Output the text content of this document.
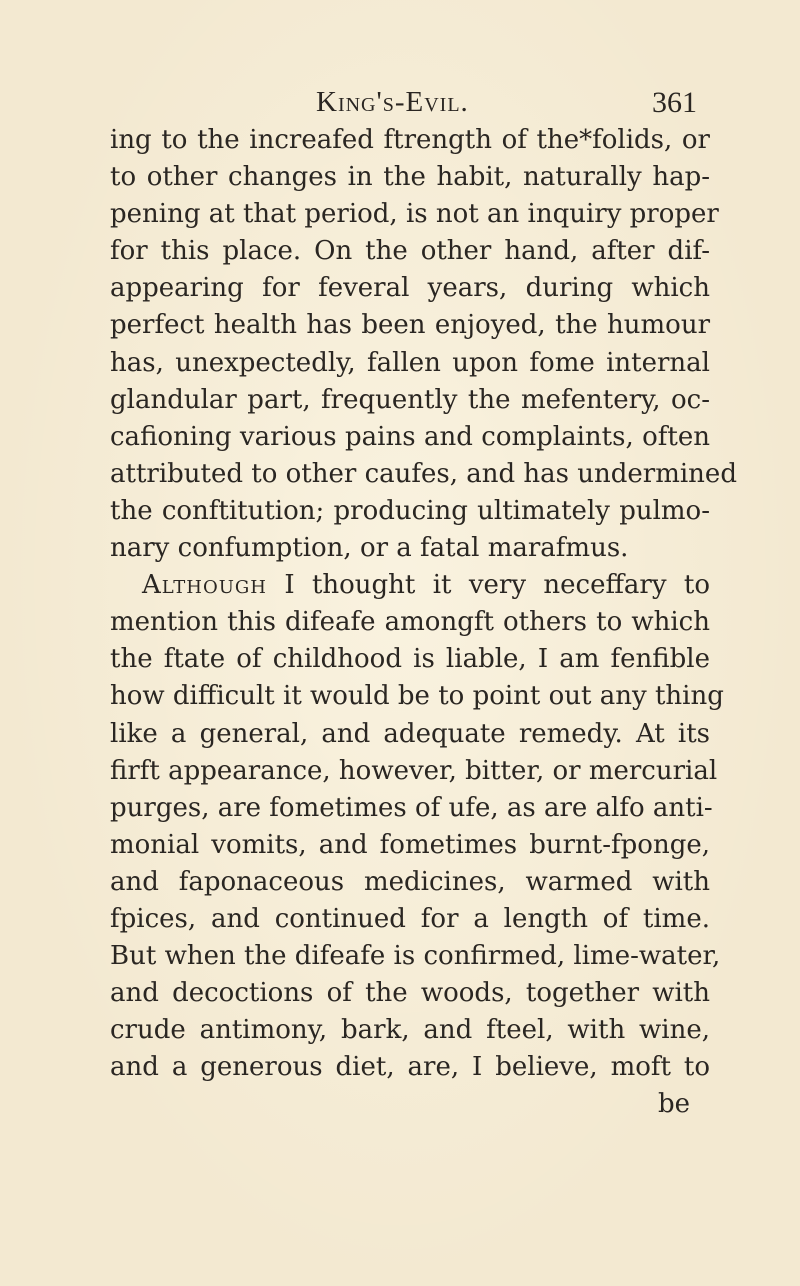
King's-Evil.	361
ing to the increafed ftrength of the*folids, or
to other changes in the habit, naturally hap-
pening at that period, is not an inquiry proper
for this place. On the other hand, after dif-
appearing for feveral years, during which
perfect health has been enjoyed, the humour
has, unexpectedly, fallen upon fome internal
glandular part, frequently the mefentery, oc-
cafioning various pains and complaints, often
attributed to other caufes, and has undermined
the conftitution; producing ultimately pulmo-
nary confumption, or a fatal marafmus.
Although I thought it very neceffary to
mention this difeafe amongft others to which
the ftate of childhood is liable, I am fenfible
how difficult it would be to point out any thing
like a general, and adequate remedy. At its
firft appearance, however, bitter, or mercurial
purges, are fometimes of ufe, as are alfo anti-
monial vomits, and fometimes burnt-fponge,
and faponaceous medicines, warmed with
fpices, and continued for a length of time.
But when the difeafe is confirmed, lime-water,
and decoctions of the woods, together with
crude antimony, bark, and fteel, with wine,
and a generous diet, are, I believe, moft to
be
